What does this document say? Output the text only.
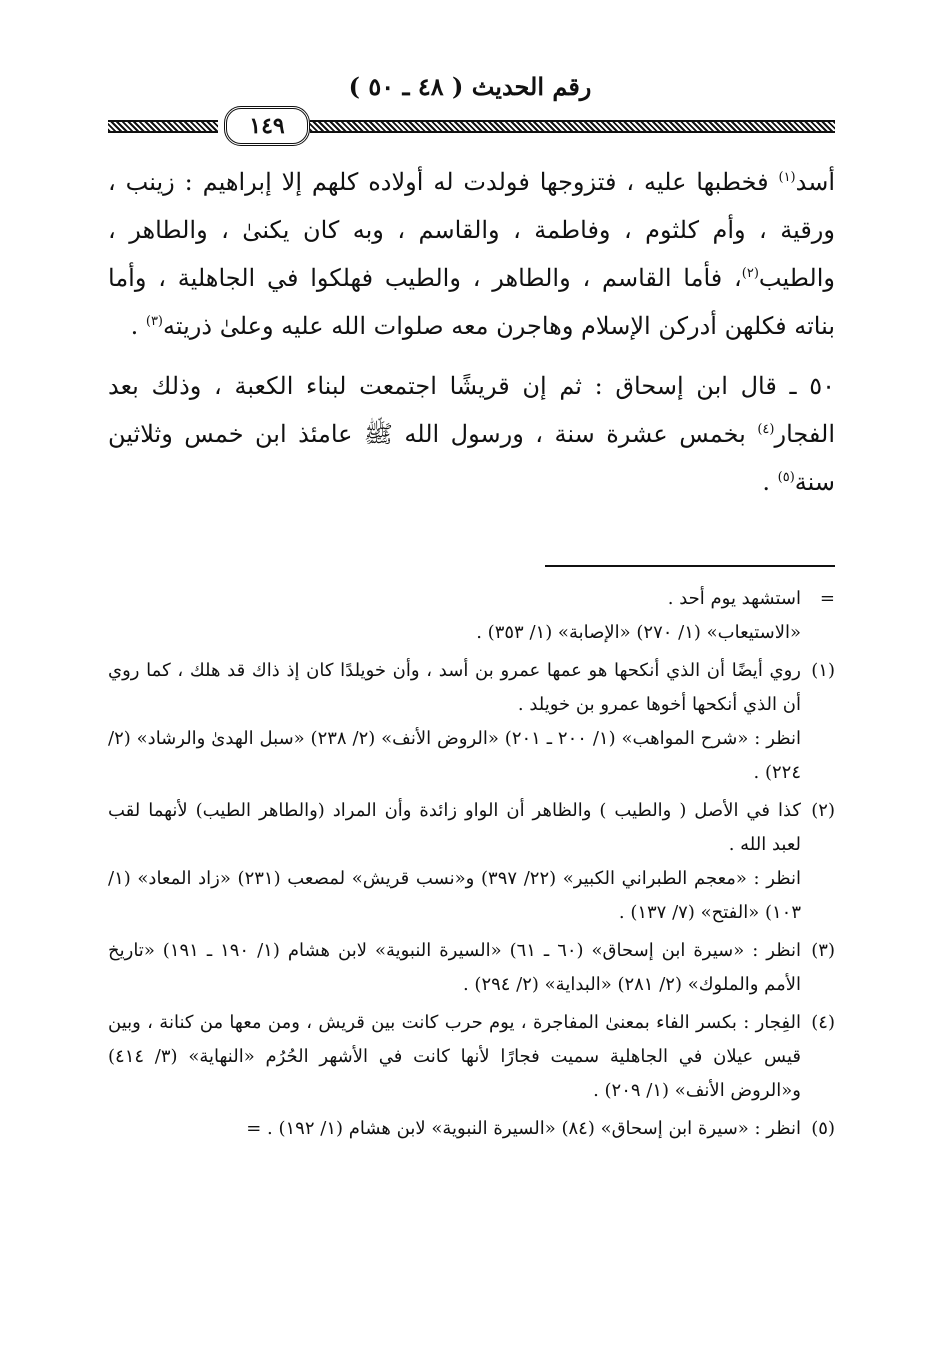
رقم الحديث ( ٤٨ ـ ٥٠ )
١٤٩

أسد$^{(١)}$ فخطبها عليه ، فتزوجها فولدت له أولاده كلهم إلا إبراهيم : زينب ، ورقية ، وأم كلثوم ، وفاطمة ، والقاسم ، وبه كان يكنىٰ ، والطاهر ، والطيب$^{(٢)}$، فأما القاسم ، والطاهر ، والطيب فهلكوا في الجاهلية ، وأما بناته فكلهن أدركن الإسلام وهاجرن معه صلوات الله عليه وعلىٰ ذريته$^{(٣)}$ .

٥٠ ـ قال ابن إسحاق : ثم إن قريشًا اجتمعت لبناء الكعبة ، وذلك بعد الفجار$^{(٤)}$ بخمس عشرة سنة ، ورسول الله ﷺ عامئذ ابن خمس وثلاثين سنة$^{(٥)}$ .

=
استشهد يوم أحد .
«الاستيعاب» (١/ ٢٧٠) «الإصابة» (١/ ٣٥٣) .
(١)
روي أيضًا أن الذي أنكحها هو عمها عمرو بن أسد ، وأن خويلدًا كان إذ ذاك قد هلك ، كما روي أن الذي أنكحها أخوها عمرو بن خويلد .
انظر : «شرح المواهب» (١/ ٢٠٠ ـ ٢٠١) «الروض الأنف» (٢/ ٢٣٨) «سبل الهدىٰ والرشاد» (٢/ ٢٢٤) .
(٢)
كذا في الأصل ( والطيب ) والظاهر أن الواو زائدة وأن المراد (والطاهر الطيب) لأنهما لقب لعبد الله .
انظر : «معجم الطبراني الكبير» (٢٢/ ٣٩٧) و«نسب قريش» لمصعب (٢٣١) «زاد المعاد» (١/ ١٠٣) «الفتح» (٧/ ١٣٧) .
(٣)
انظر : «سيرة ابن إسحاق» (٦٠ ـ ٦١) «السيرة النبوية» لابن هشام (١/ ١٩٠ ـ ١٩١) «تاريخ الأمم والملوك» (٢/ ٢٨١) «البداية» (٢/ ٢٩٤) .
(٤)
الفِجار : بكسر الفاء بمعنىٰ المفاجرة ، يوم حرب كانت بين قريش ، ومن معها من كنانة ، وبين قيس عيلان في الجاهلية سميت فجارًا لأنها كانت في الأشهر الحُرُم «النهاية» (٣/ ٤١٤) و«الروض الأنف» (١/ ٢٠٩) .
(٥)
انظر : «سيرة ابن إسحاق» (٨٤) «السيرة النبوية» لابن هشام (١/ ١٩٢) . =
